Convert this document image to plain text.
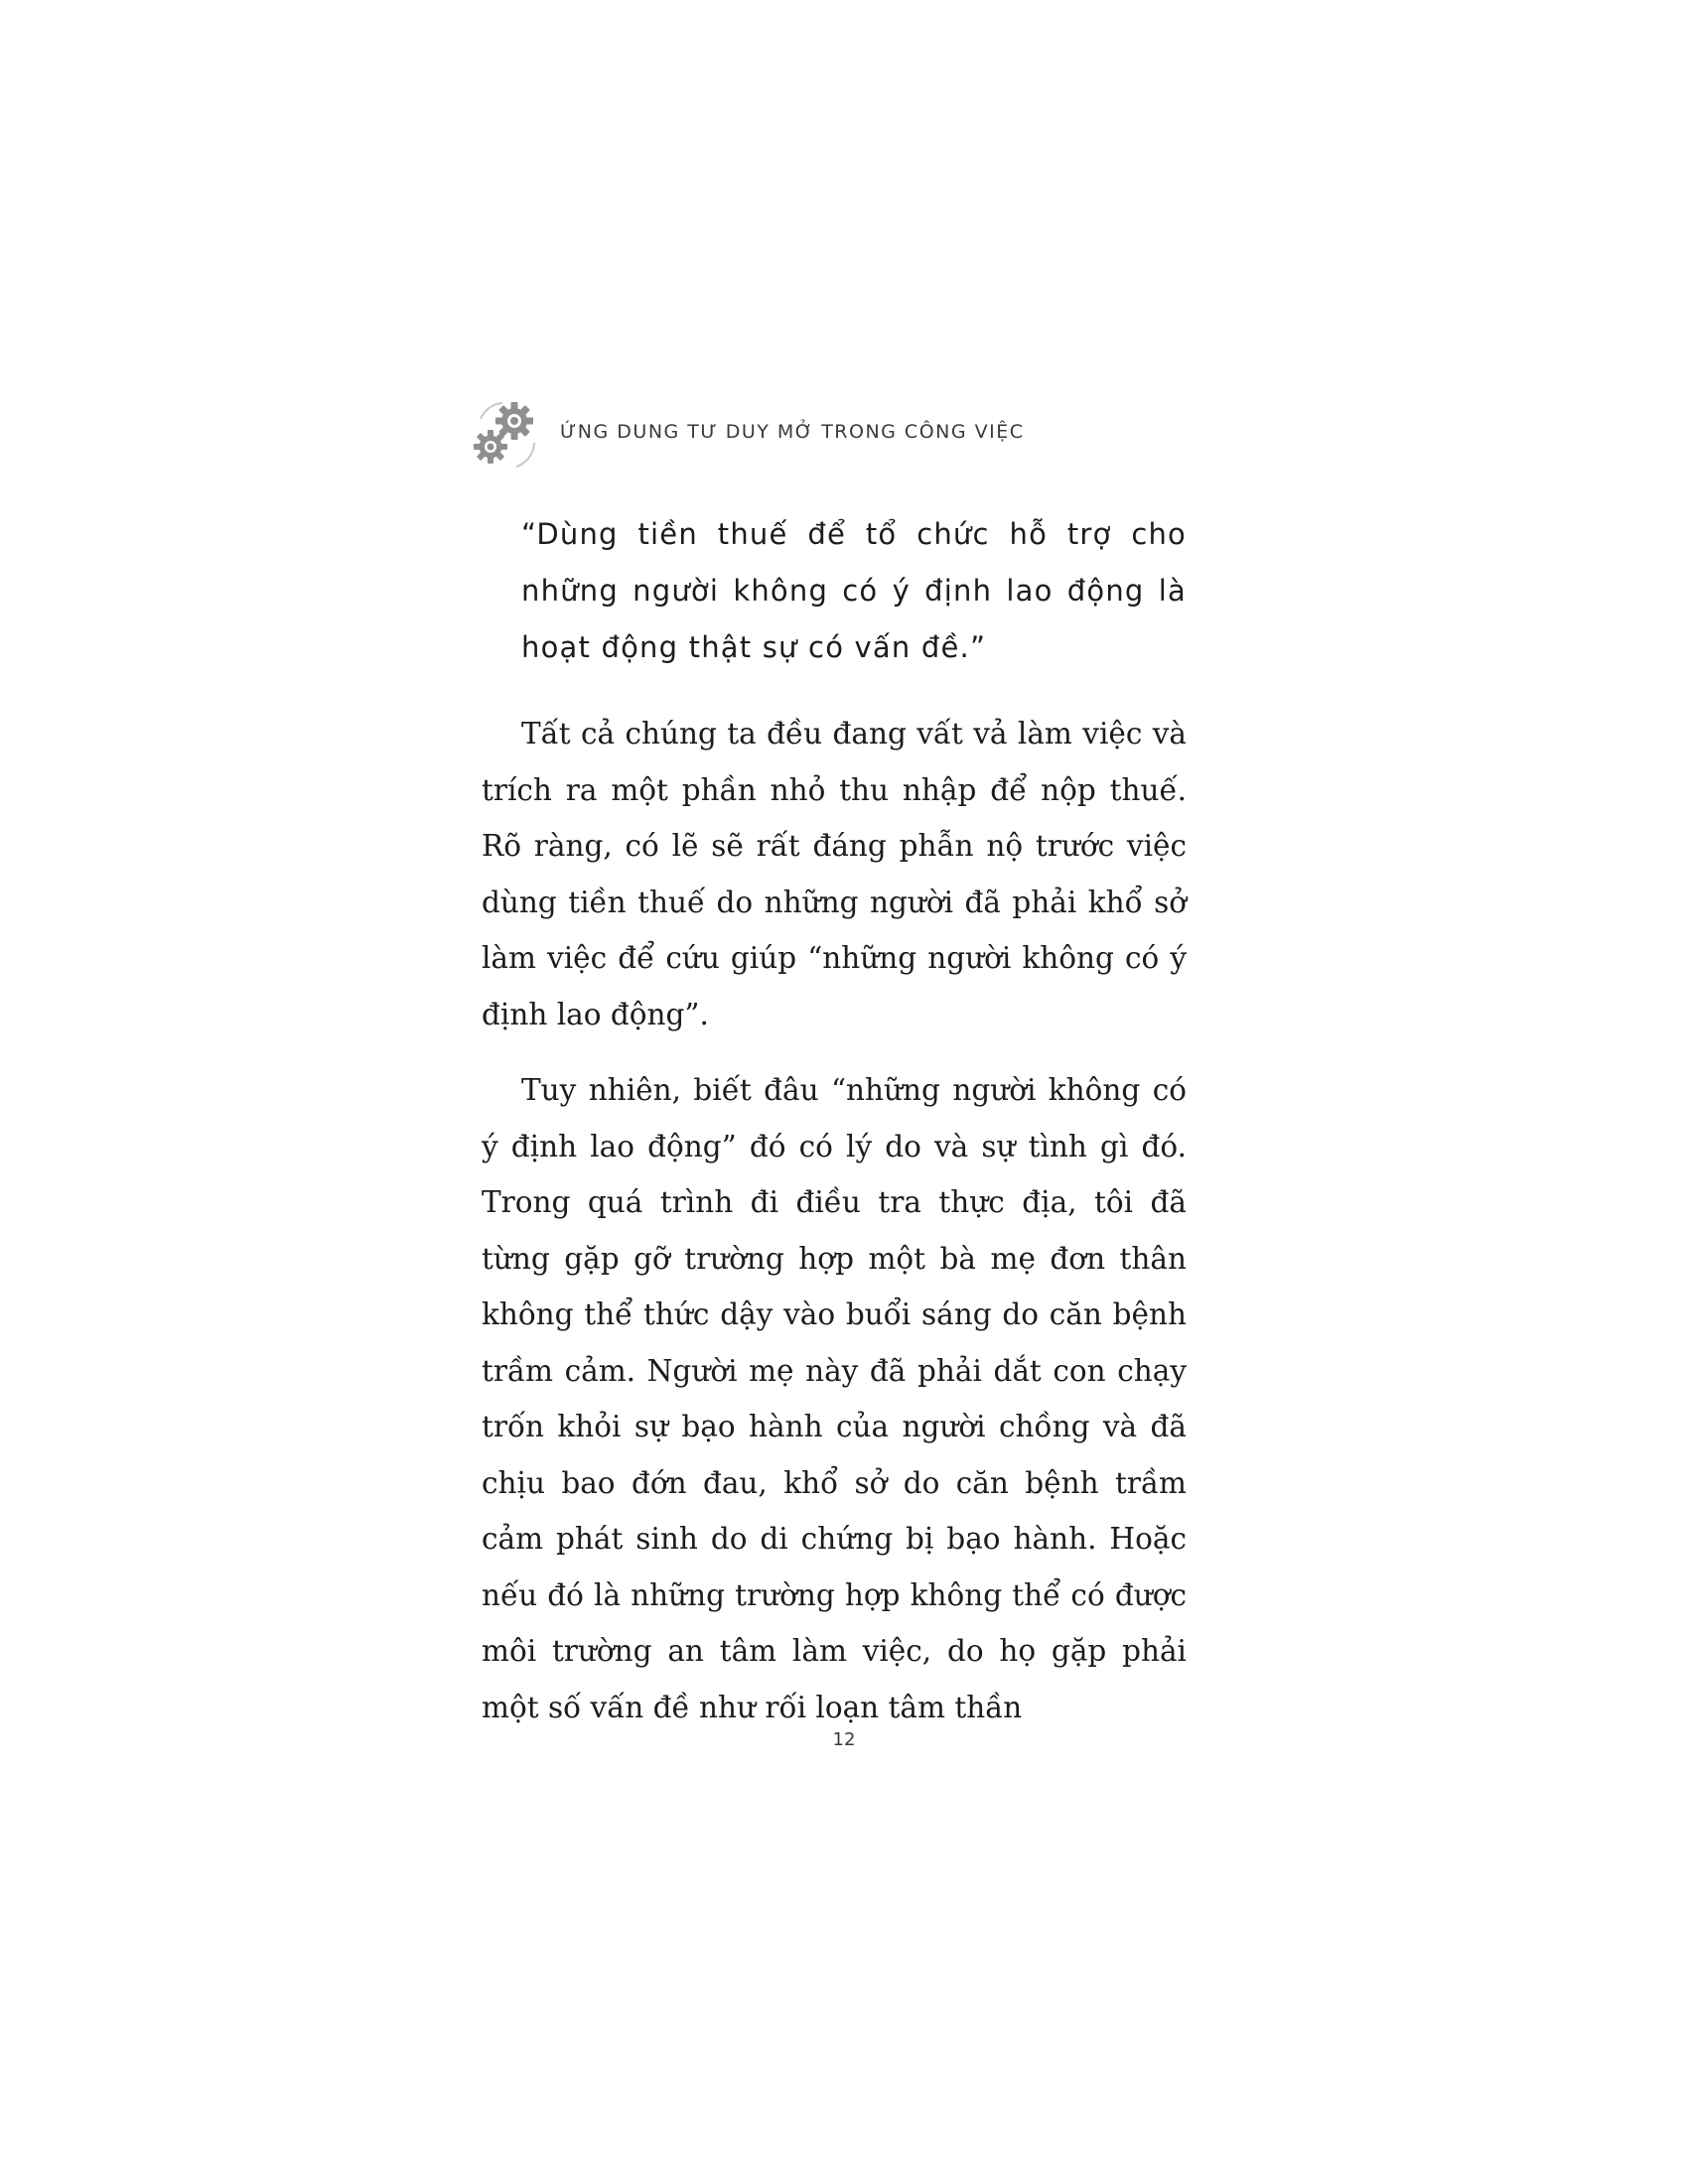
ỨNG DUNG TƯ DUY MỞ TRONG CÔNG VIỆC

“Dùng tiền thuế để tổ chức hỗ trợ cho những người không có ý định lao động là hoạt động thật sự có vấn đề.”

Tất cả chúng ta đều đang vất vả làm việc và trích ra một phần nhỏ thu nhập để nộp thuế. Rõ ràng, có lẽ sẽ rất đáng phẫn nộ trước việc dùng tiền thuế do những người đã phải khổ sở làm việc để cứu giúp “những người không có ý định lao động”.

Tuy nhiên, biết đâu “những người không có ý định lao động” đó có lý do và sự tình gì đó. Trong quá trình đi điều tra thực địa, tôi đã từng gặp gỡ trường hợp một bà mẹ đơn thân không thể thức dậy vào buổi sáng do căn bệnh trầm cảm. Người mẹ này đã phải dắt con chạy trốn khỏi sự bạo hành của người chồng và đã chịu bao đớn đau, khổ sở do căn bệnh trầm cảm phát sinh do di chứng bị bạo hành. Hoặc nếu đó là những trường hợp không thể có được môi trường an tâm làm việc, do họ gặp phải một số vấn đề như rối loạn tâm thần

12
